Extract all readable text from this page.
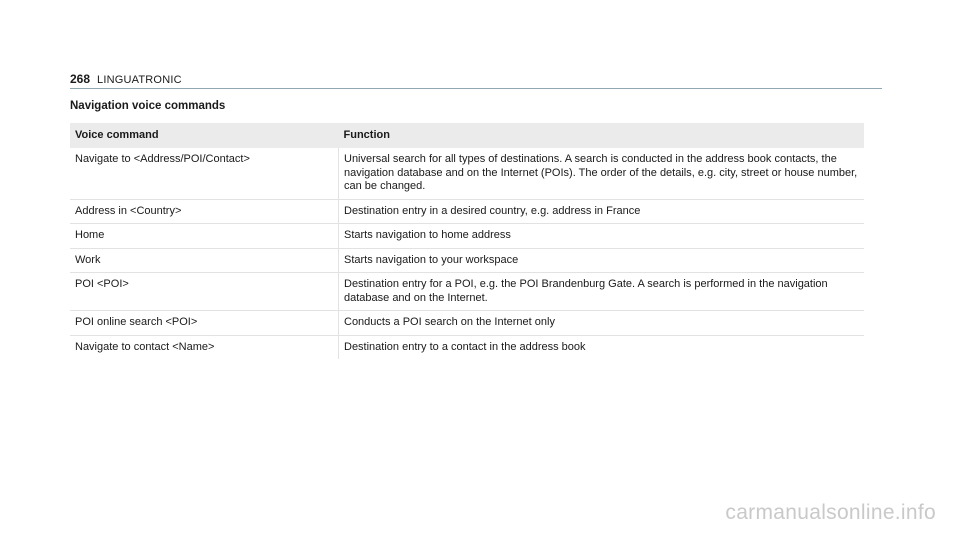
268 LINGUATRONIC
Navigation voice commands
Voice command	Function
Navigate to <Address/POI/Contact>	Universal search for all types of destinations. A search is conducted in the address book contacts, the navigation database and on the Internet (POIs). The order of the details, e.g. city, street or house number, can be changed.
Address in <Country>	Destination entry in a desired country, e.g. address in France
Home	Starts navigation to home address
Work	Starts navigation to your workspace
POI <POI>	Destination entry for a POI, e.g. the POI Brandenburg Gate. A search is performed in the navigation database and on the Internet.
POI online search <POI>	Conducts a POI search on the Internet only
Navigate to contact <Name>	Destination entry to a contact in the address book
carmanualsonline.info
